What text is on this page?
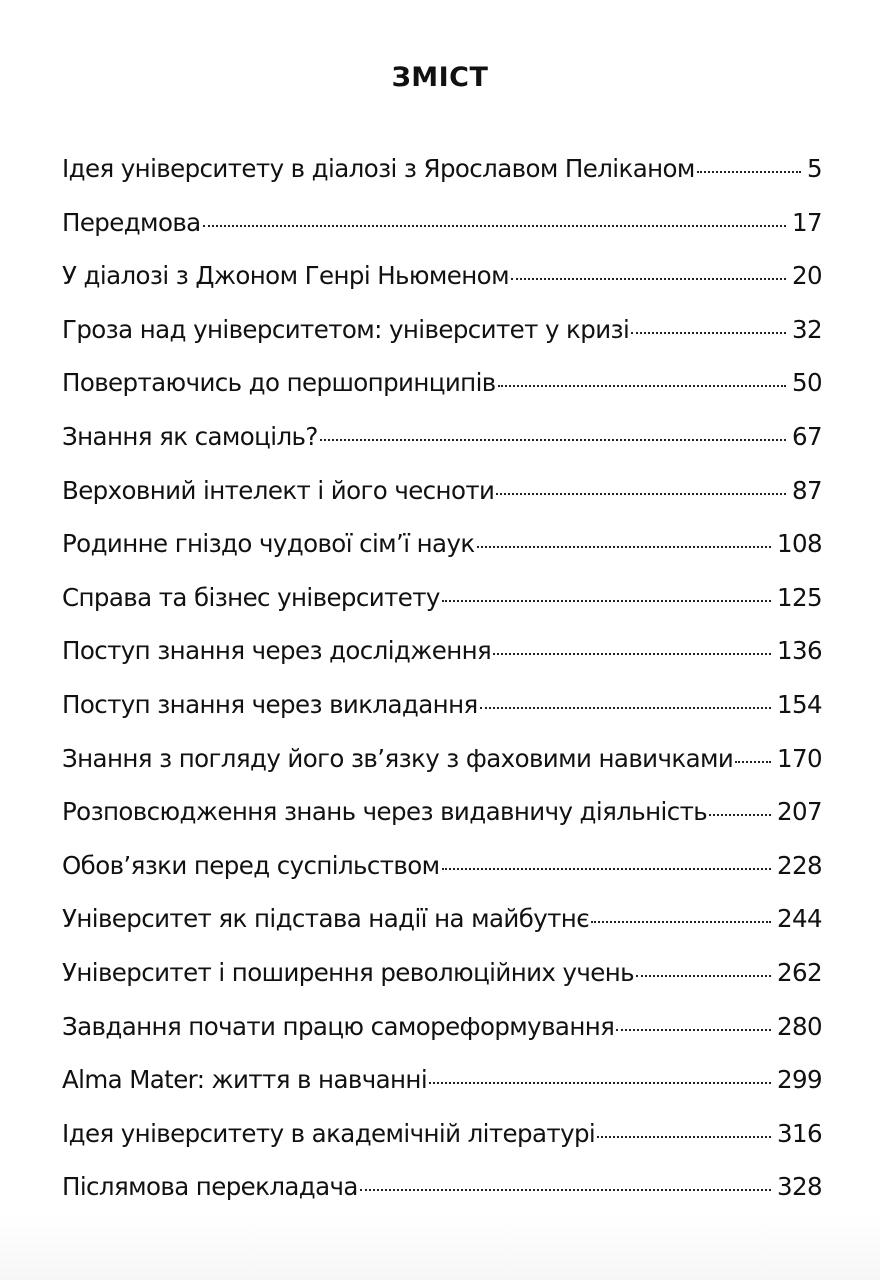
ЗМІСТ
Ідея університету в діалозі з Ярославом Пеліканом	5
Передмова	17
У діалозі з Джоном Генрі Ньюменом	20
Гроза над університетом: університет у кризі	32
Повертаючись до першопринципів	50
Знання як самоціль?	67
Верховний інтелект і його чесноти	87
Родинне гніздо чудової сім’ї наук	108
Справа та бізнес університету	125
Поступ знання через дослідження	136
Поступ знання через викладання	154
Знання з погляду його зв’язку з фаховими навичками 170
Розповсюдження знань через видавничу діяльність	207
Обов’язки перед суспільством	228
Університет як підстава надії на майбутнє	244
Університет і поширення революційних учень	262
Завдання почати працю самореформування	280
Alma Mater: життя в навчанні	299
Ідея університету в академічній літературі	316
Післямова перекладача	328
